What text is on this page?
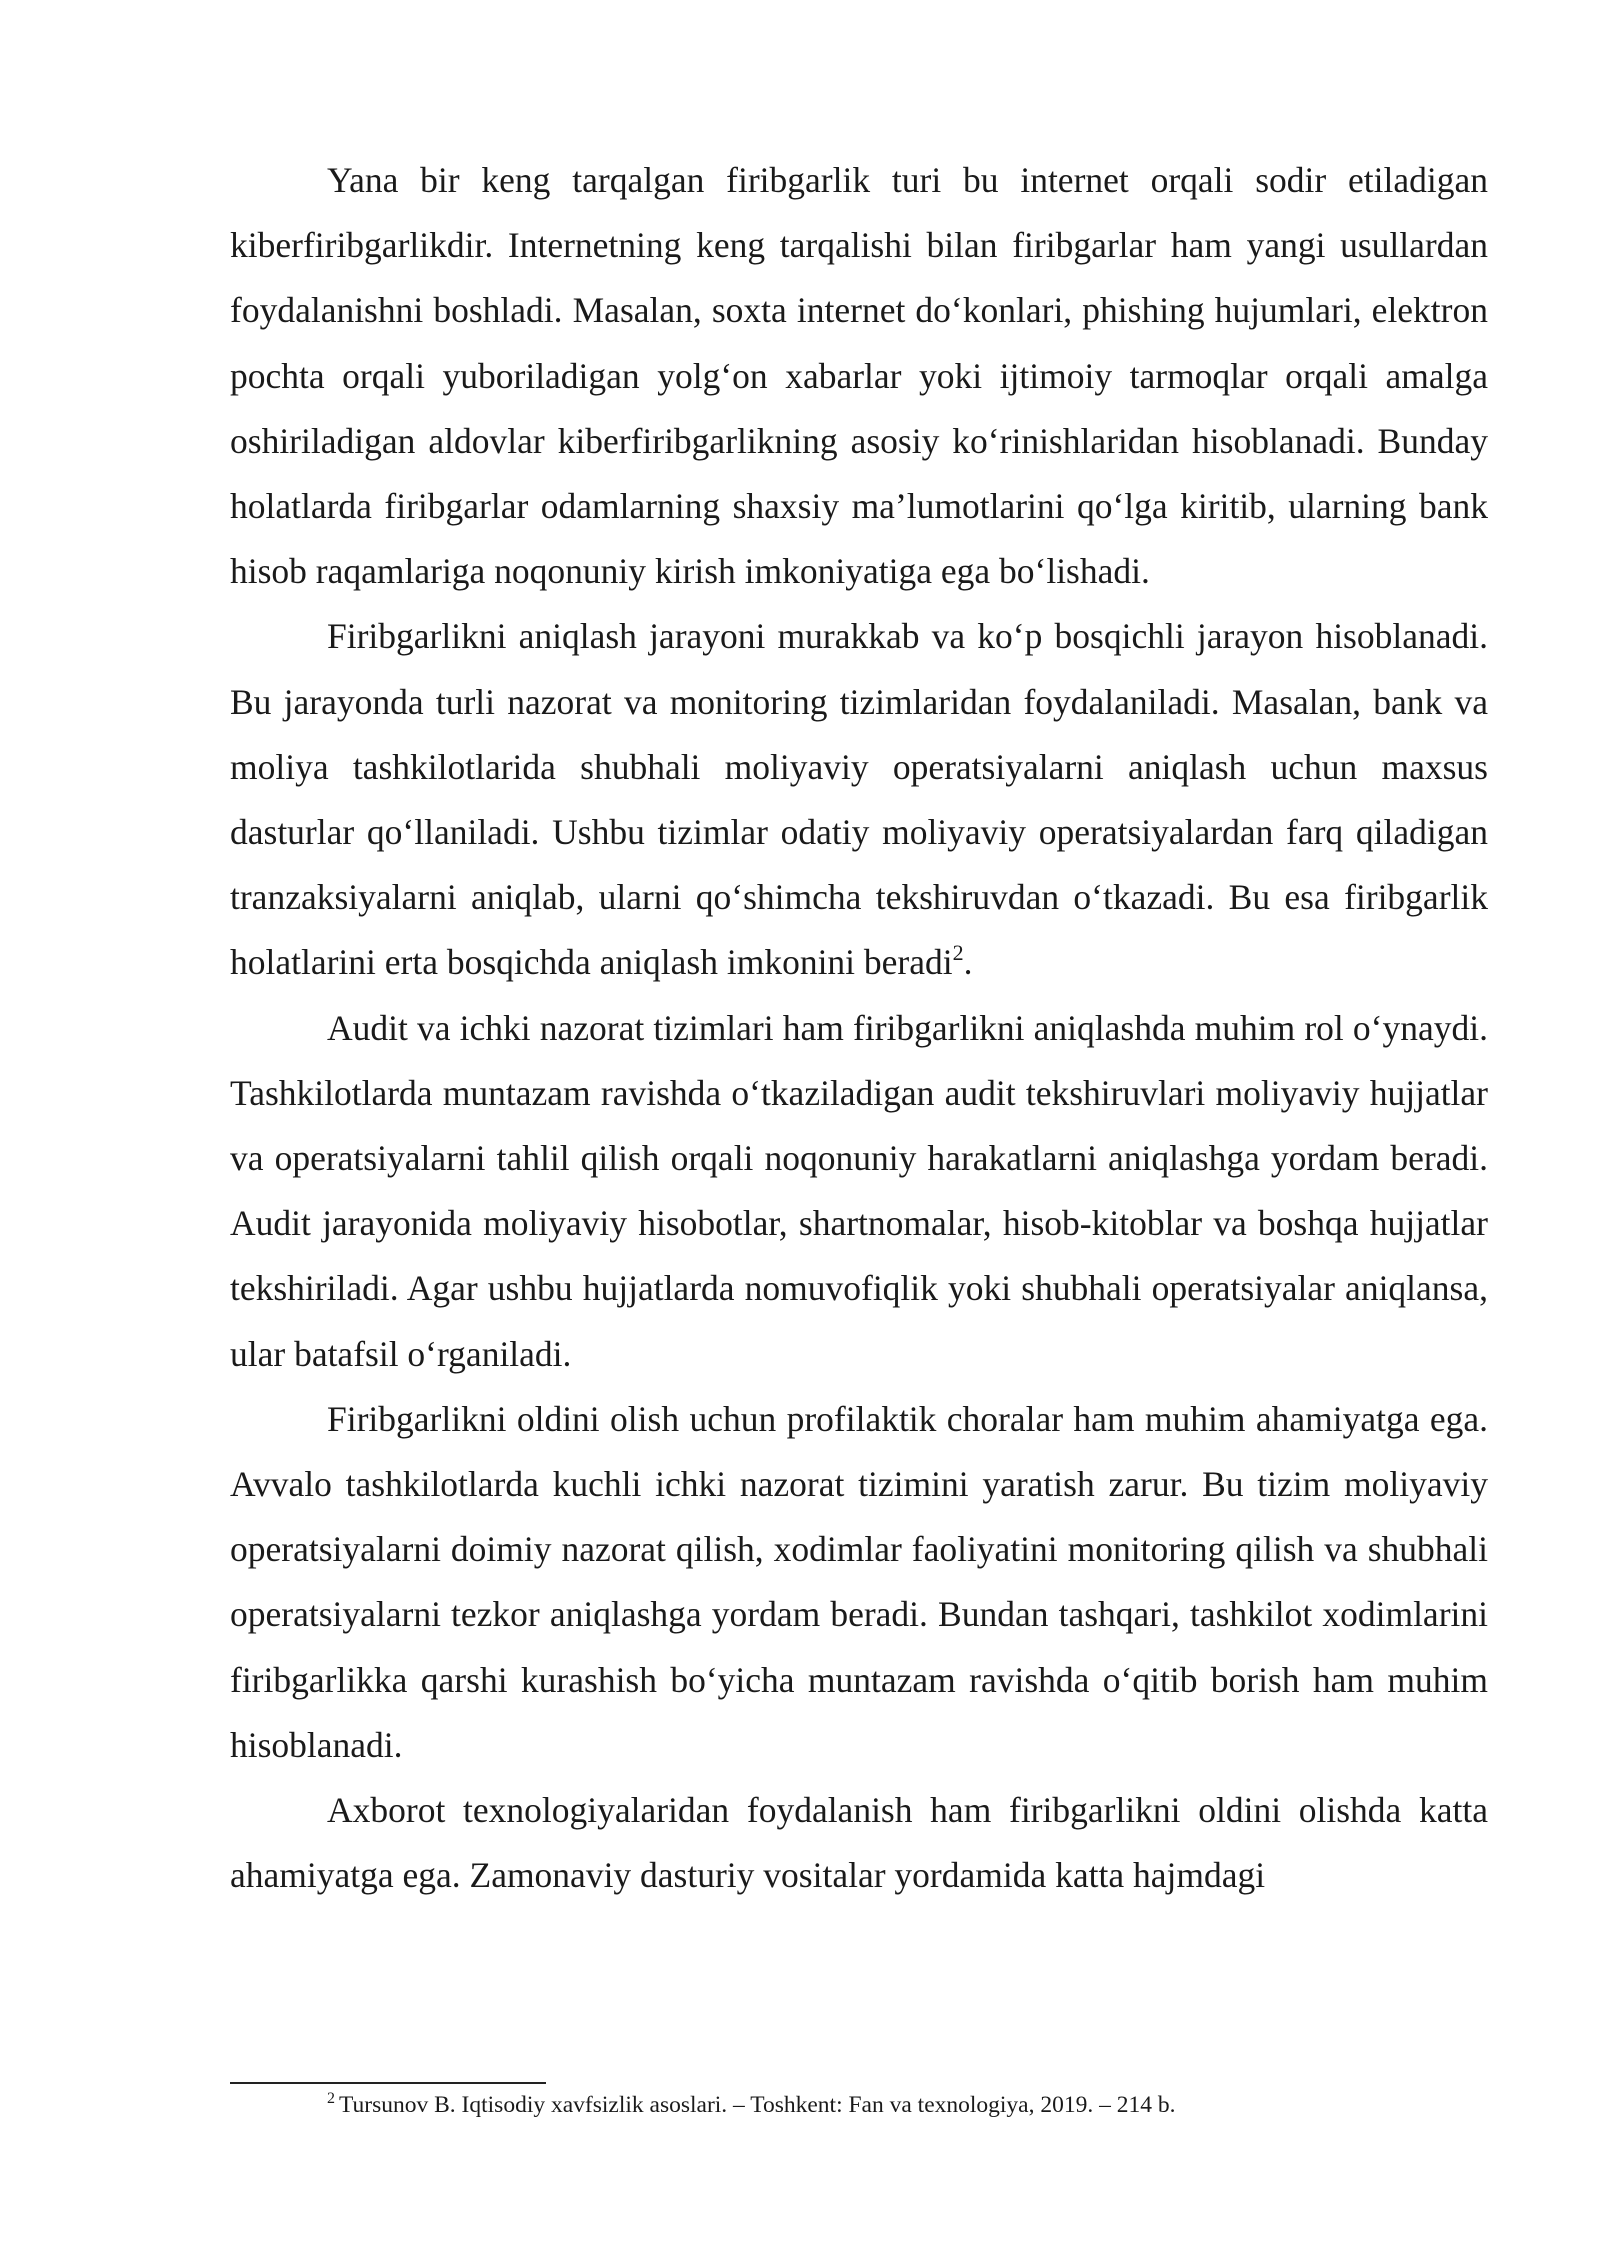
Yana bir keng tarqalgan firibgarlik turi bu internet orqali sodir etiladigan kiberfiribgarlikdir. Internetning keng tarqalishi bilan firibgarlar ham yangi usullardan foydalanishni boshladi. Masalan, soxta internet do‘konlari, phishing hujumlari, elektron pochta orqali yuboriladigan yolg‘on xabarlar yoki ijtimoiy tarmoqlar orqali amalga oshiriladigan aldovlar kiberfiribgarlikning asosiy ko‘rinishlaridan hisoblanadi. Bunday holatlarda firibgarlar odamlarning shaxsiy ma’lumotlarini qo‘lga kiritib, ularning bank hisob raqamlariga noqonuniy kirish imkoniyatiga ega bo‘lishadi.

Firibgarlikni aniqlash jarayoni murakkab va ko‘p bosqichli jarayon hisoblanadi. Bu jarayonda turli nazorat va monitoring tizimlaridan foydalaniladi. Masalan, bank va moliya tashkilotlarida shubhali moliyaviy operatsiyalarni aniqlash uchun maxsus dasturlar qo‘llaniladi. Ushbu tizimlar odatiy moliyaviy operatsiyalardan farq qiladigan tranzaksiyalarni aniqlab, ularni qo‘shimcha tekshiruvdan o‘tkazadi. Bu esa firibgarlik holatlarini erta bosqichda aniqlash imkonini beradi$^2$.

Audit va ichki nazorat tizimlari ham firibgarlikni aniqlashda muhim rol o‘ynaydi. Tashkilotlarda muntazam ravishda o‘tkaziladigan audit tekshiruvlari moliyaviy hujjatlar va operatsiyalarni tahlil qilish orqali noqonuniy harakatlarni aniqlashga yordam beradi. Audit jarayonida moliyaviy hisobotlar, shartnomalar, hisob-kitoblar va boshqa hujjatlar tekshiriladi. Agar ushbu hujjatlarda nomuvofiqlik yoki shubhali operatsiyalar aniqlansa, ular batafsil o‘rganiladi.

Firibgarlikni oldini olish uchun profilaktik choralar ham muhim ahamiyatga ega. Avvalo tashkilotlarda kuchli ichki nazorat tizimini yaratish zarur. Bu tizim moliyaviy operatsiyalarni doimiy nazorat qilish, xodimlar faoliyatini monitoring qilish va shubhali operatsiyalarni tezkor aniqlashga yordam beradi. Bundan tashqari, tashkilot xodimlarini firibgarlikka qarshi kurashish bo‘yicha muntazam ravishda o‘qitib borish ham muhim hisoblanadi.

Axborot texnologiyalaridan foydalanish ham firibgarlikni oldini olishda katta ahamiyatga ega. Zamonaviy dasturiy vositalar yordamida katta hajmdagi

$^2$ Tursunov B. Iqtisodiy xavfsizlik asoslari. – Toshkent: Fan va texnologiya, 2019. – 214 b.
